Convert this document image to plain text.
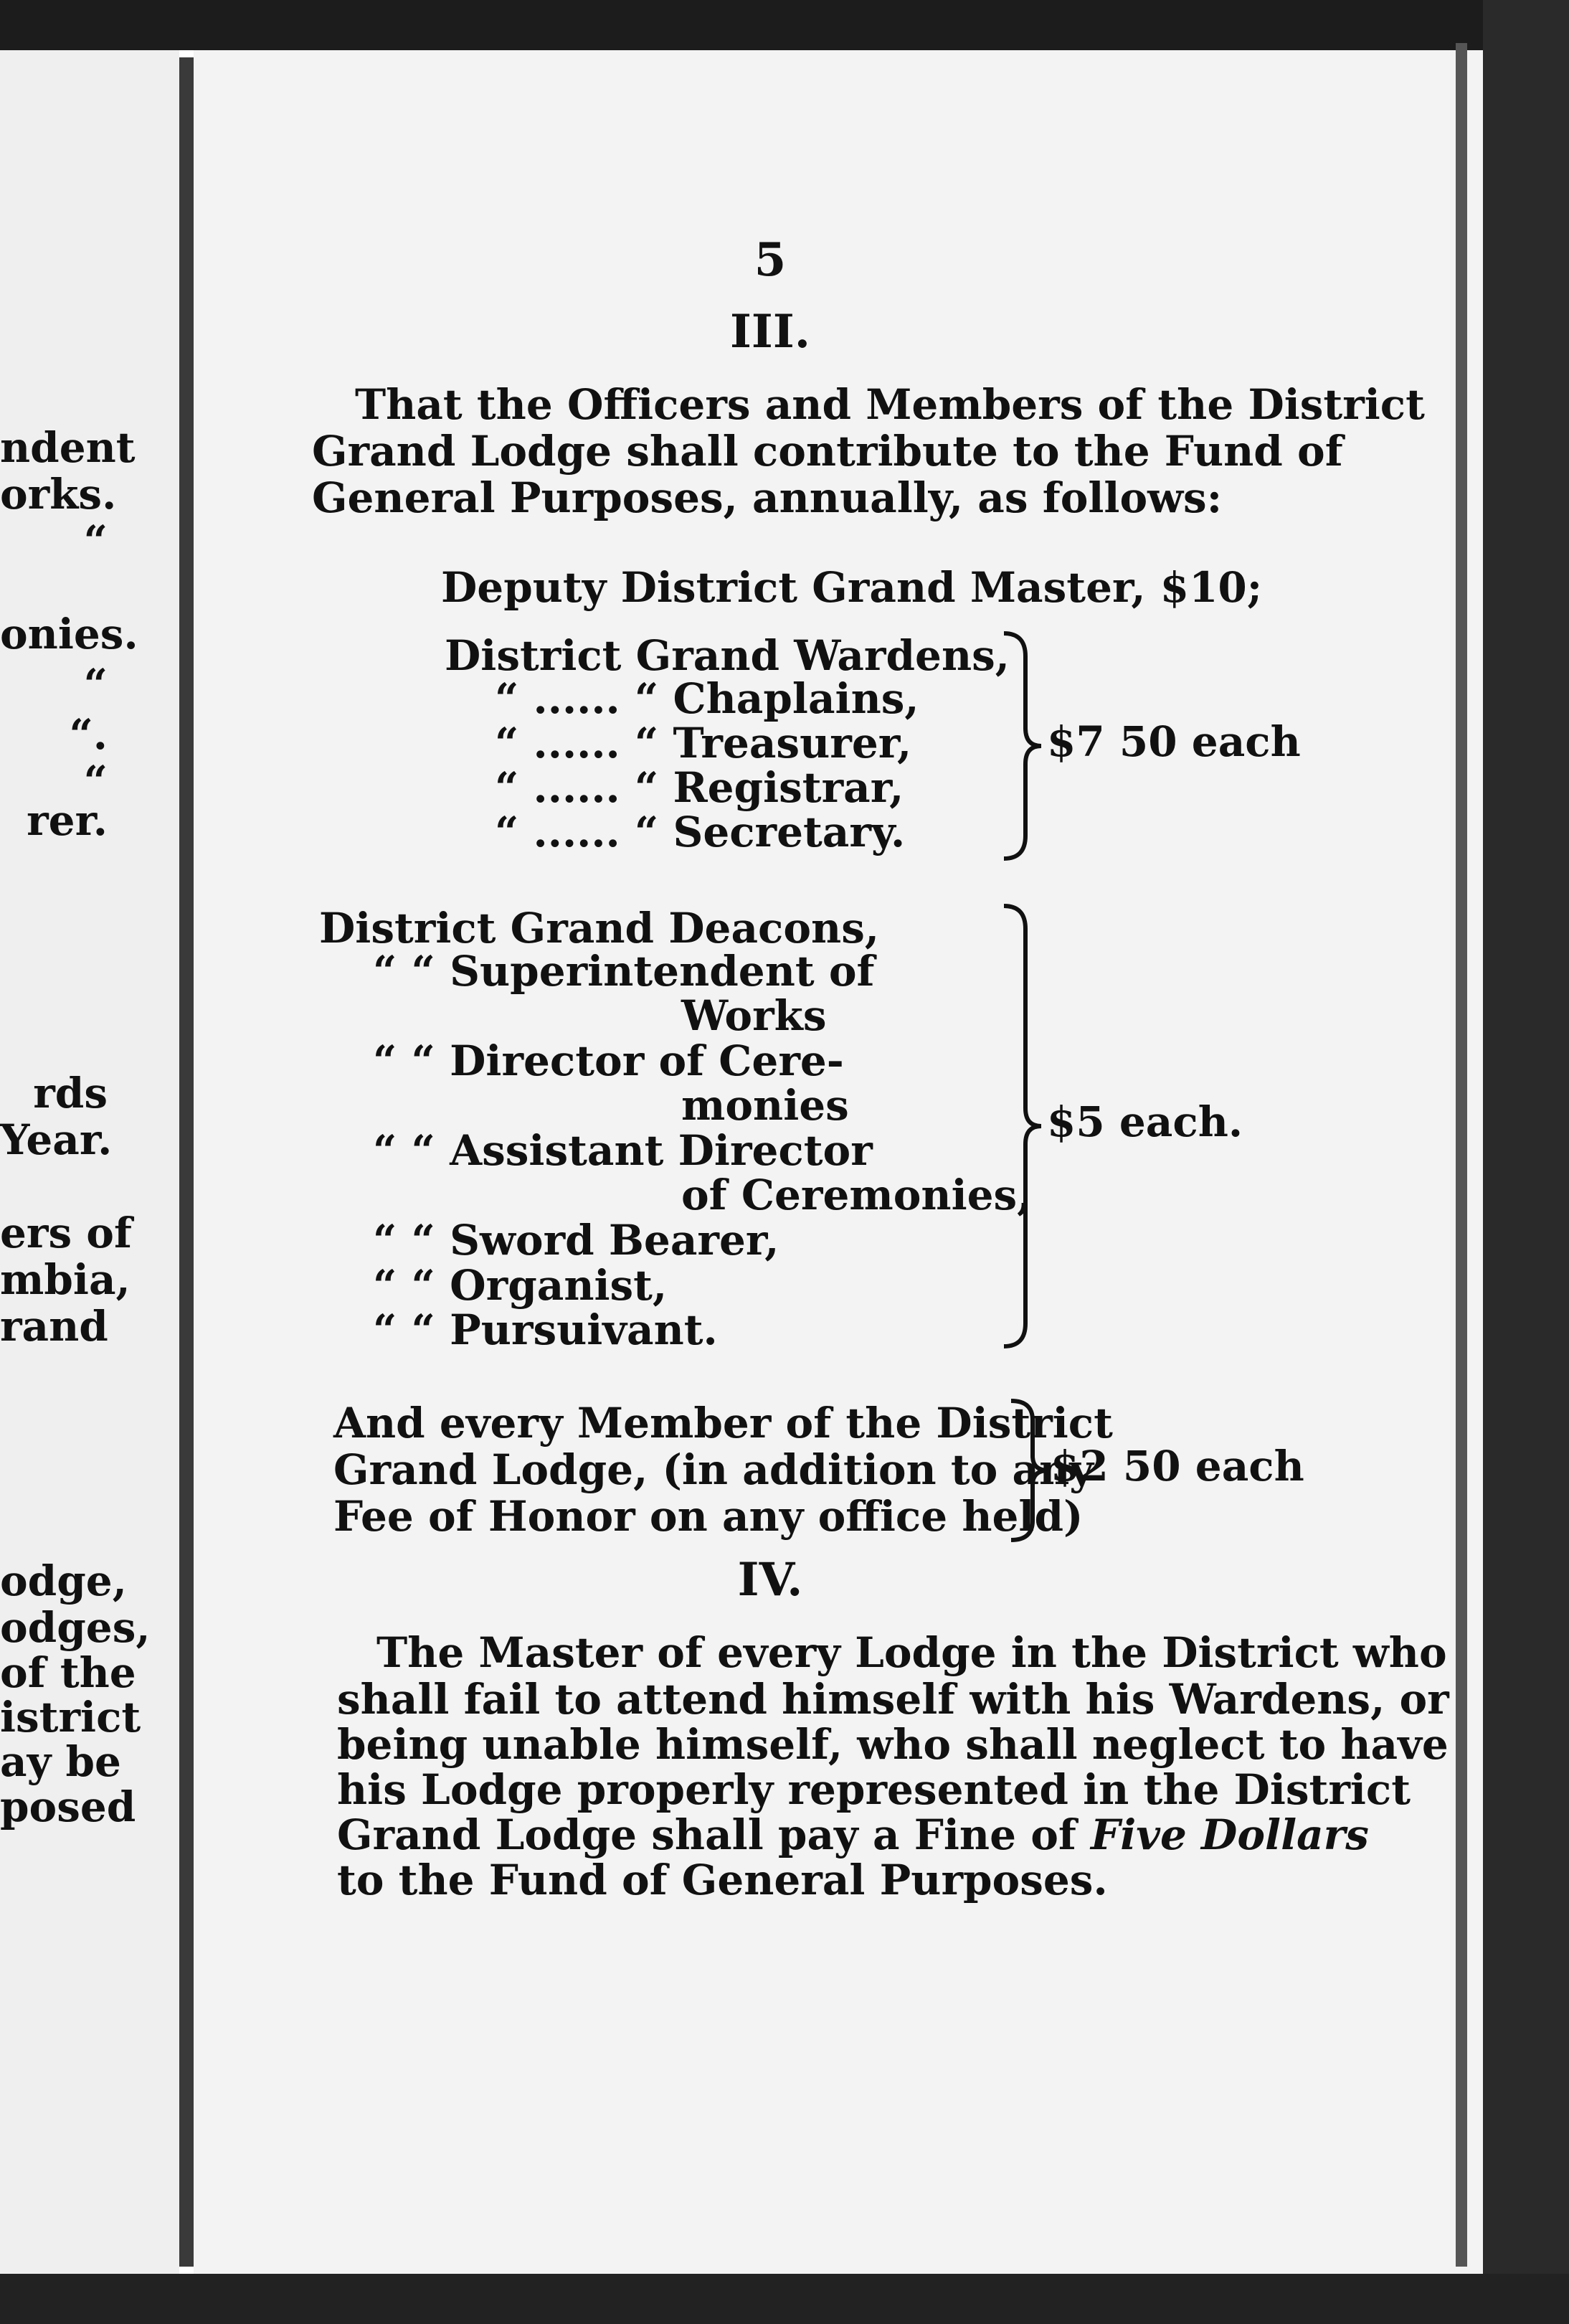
ndent
orks.
“
onies.
“
“.
“
rer.
rds
Year.
ers of
mbia,
rand
odge,
odges,
of the
istrict
ay be
posed
5
III.
That the Officers and Members of the District
Grand Lodge shall contribute to the Fund of
General Purposes, annually, as follows:
Deputy District Grand Master, $10;
District Grand Wardens,
“ ...... “ Chaplains,
“ ...... “ Treasurer,
“ ...... “ Registrar,
“ ...... “ Secretary.
$7 50 each
District Grand Deacons,
“ “ Superintendent of
Works
“ “ Director of Cere-
monies
“ “ Assistant Director
of Ceremonies,
“ “ Sword Bearer,
“ “ Organist,
“ “ Pursuivant.
$5 each.
And every Member of the District
Grand Lodge, (in addition to any
Fee of Honor on any office held)
$2 50 each
IV.
The Master of every Lodge in the District who
shall fail to attend himself with his Wardens, or
being unable himself, who shall neglect to have
his Lodge properly represented in the District
Grand Lodge shall pay a Fine of Five Dollars
to the Fund of General Purposes.
